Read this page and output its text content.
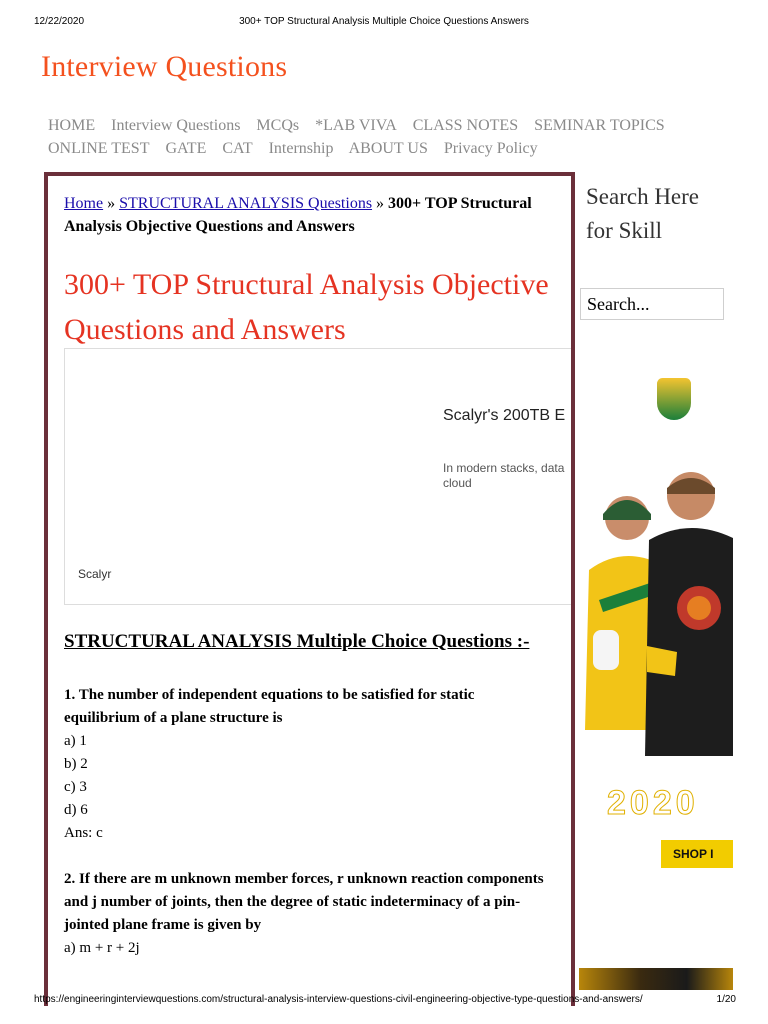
12/22/2020	300+ TOP Structural Analysis Multiple Choice Questions Answers
Interview Questions
HOME Interview Questions MCQs *LAB VIVA CLASS NOTES SEMINAR TOPICS ONLINE TEST GATE CAT Internship ABOUT US Privacy Policy
Home » STRUCTURAL ANALYSIS Questions » 300+ TOP Structural Analysis Objective Questions and Answers
300+ TOP Structural Analysis Objective Questions and Answers
Scalyr's 200TB E
In modern stacks, data cloud
Scalyr
STRUCTURAL ANALYSIS Multiple Choice Questions :-
1. The number of independent equations to be satisfied for static equilibrium of a plane structure is
a) 1
b) 2
c) 3
d) 6
Ans: c
2. If there are m unknown member forces, r unknown reaction components and j number of joints, then the degree of static indeterminacy of a pin-jointed plane frame is given by
a) m + r + 2j
Search Here for Skill
Search...
2020
SHOP I
https://engineeringinterviewquestions.com/structural-analysis-interview-questions-civil-engineering-objective-type-questions-and-answers/	1/20
